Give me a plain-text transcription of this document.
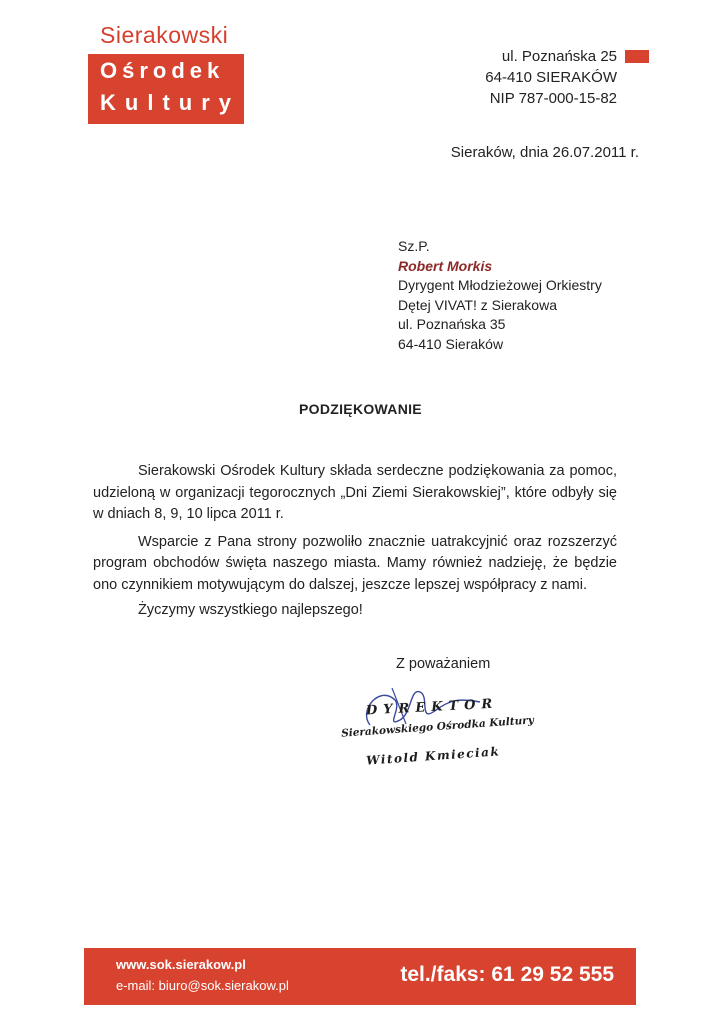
Sierakowski
Ośrodek
Kultury
ul. Poznańska 25
64-410 SIERAKÓW
NIP 787-000-15-82
Sieraków, dnia 26.07.2011 r.
Sz.P.
Robert Morkis
Dyrygent Młodzieżowej Orkiestry
Dętej VIVAT! z Sierakowa
ul. Poznańska 35
64-410 Sieraków
PODZIĘKOWANIE

Sierakowski Ośrodek Kultury składa serdeczne podziękowania za pomoc, udzieloną w organizacji tegorocznych „Dni Ziemi Sierakowskiej”, które odbyły się w dniach 8, 9, 10 lipca 2011 r.

Wsparcie z Pana strony pozwoliło znacznie uatrakcyjnić oraz rozszerzyć program obchodów święta naszego miasta. Mamy również nadzieję, że będzie ono czynnikiem motywującym do dalszej, jeszcze lepszej współpracy z nami.

Życzymy wszystkiego najlepszego!

Z poważaniem
DYREKTOR
Sierakowskiego Ośrodka Kultury
Witold Kmieciak
www.sok.sierakow.pl
e-mail: biuro@sok.sierakow.pl	tel./faks: 61 29 52 555
